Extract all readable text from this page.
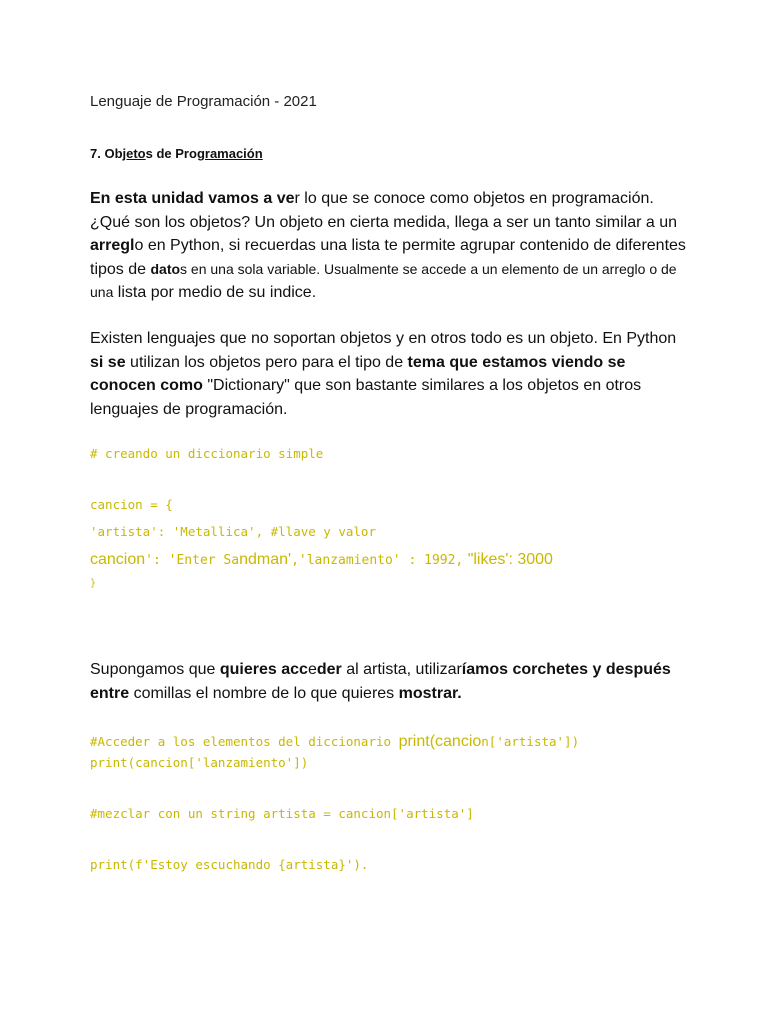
Lenguaje de Programación - 2021
7. Objetos de Programación
En esta unidad vamos a ver lo que se conoce como objetos en programación. ¿Qué son los objetos? Un objeto en cierta medida, llega a ser un tanto similar a un arreglo en Python, si recuerdas una lista te permite agrupar contenido de diferentes tipos de datos en una sola variable. Usualmente se accede a un elemento de un arreglo o de una lista por medio de su indice.
Existen lenguajes que no soportan objetos y en otros todo es un objeto. En Python si se utilizan los objetos pero para el tipo de tema que estamos viendo se conocen como "Dictionary" que son bastante similares a los objetos en otros lenguajes de programación.
# creando un diccionario simple
cancion = {
'artista': 'Metallica', #llave y valor
cancion': 'Enter Sandman','lanzamiento' : 1992, "likes': 3000
}
Supongamos que quieres acceder al artista, utilizaríamos corchetes y después entre comillas el nombre de lo que quieres mostrar.
#Acceder a los elementos del diccionario print(cancion['artista'])
print(cancion['lanzamiento'])
#mezclar con un string artista = cancion['artista']
print(f'Estoy escuchando {artista}').
